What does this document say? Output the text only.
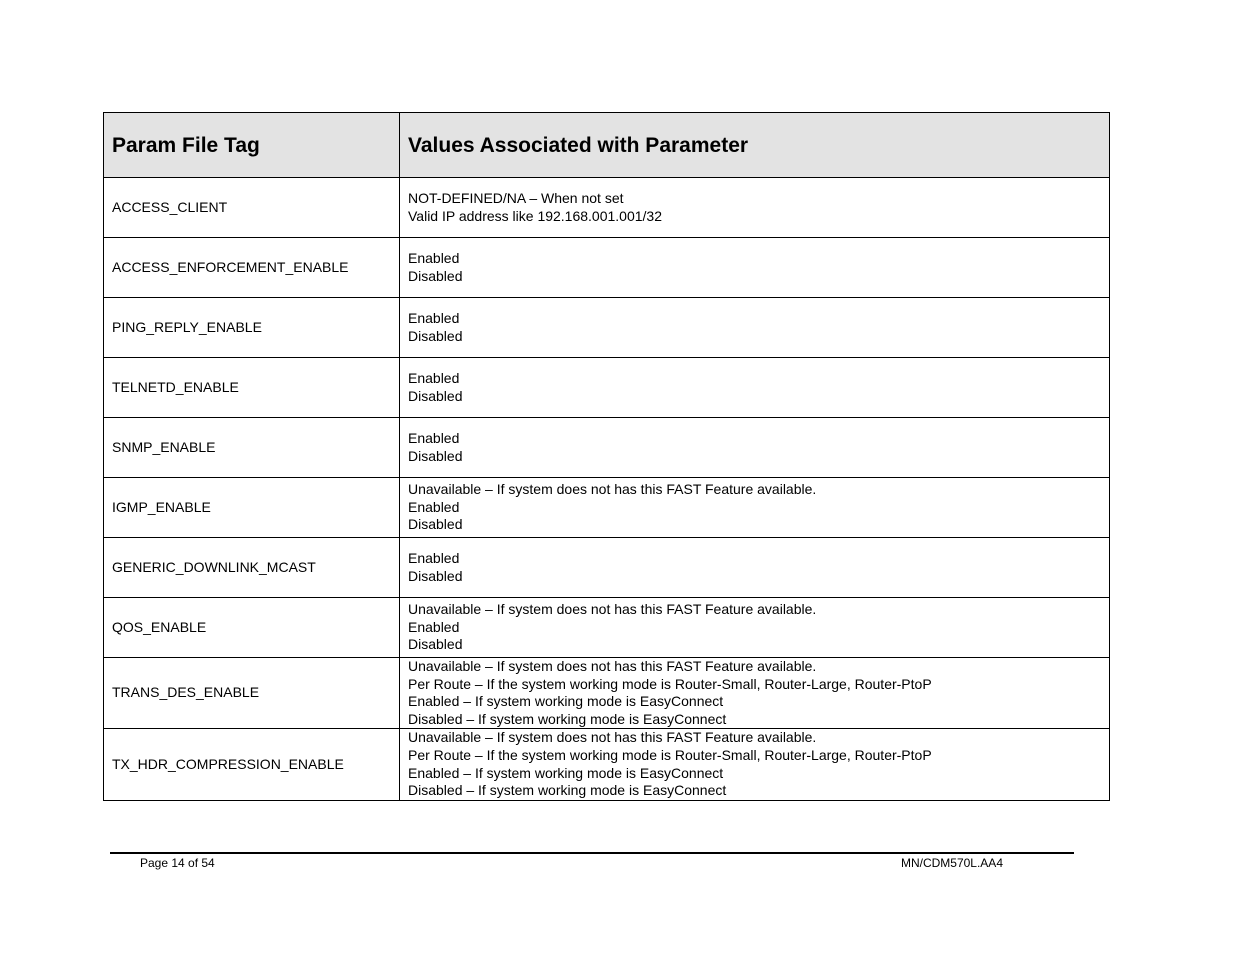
Param File Tag	Values Associated with Parameter
ACCESS_CLIENT	NOT-DEFINED/NA – When not set
Valid IP address like 192.168.001.001/32

ACCESS_ENFORCEMENT_ENABLE	Enabled
Disabled

PING_REPLY_ENABLE	Enabled
Disabled

TELNETD_ENABLE	Enabled
Disabled

SNMP_ENABLE	Enabled
Disabled

IGMP_ENABLE	Unavailable – If system does not has this FAST Feature available.
Enabled
Disabled

GENERIC_DOWNLINK_MCAST	Enabled
Disabled

QOS_ENABLE	Unavailable – If system does not has this FAST Feature available.
Enabled
Disabled

TRANS_DES_ENABLE	Unavailable – If system does not has this FAST Feature available.
Per Route – If the system working mode is Router-Small, Router-Large, Router-PtoP
Enabled – If system working mode is EasyConnect
Disabled – If system working mode is EasyConnect

TX_HDR_COMPRESSION_ENABLE	Unavailable – If system does not has this FAST Feature available.
Per Route – If the system working mode is Router-Small, Router-Large, Router-PtoP
Enabled – If system working mode is EasyConnect
Disabled – If system working mode is EasyConnect
Page 14 of 54	MN/CDM570L.AA4
